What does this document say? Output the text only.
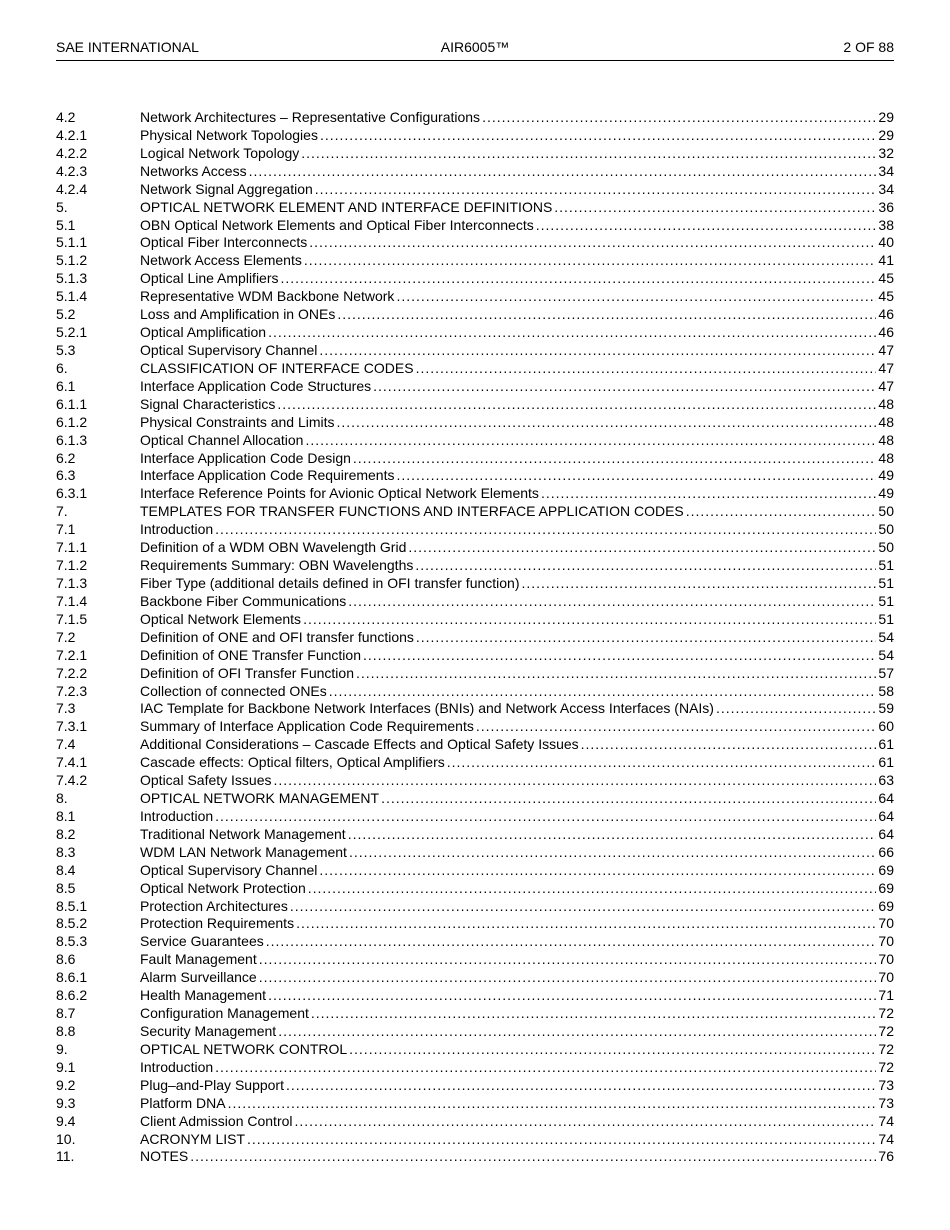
SAE INTERNATIONAL	AIR6005™	2 OF 88
4.2	Network Architectures – Representative Configurations . . .	29
4.2.1	Physical Network Topologies . . .	29
4.2.2	Logical Network Topology . . .	32
4.2.3	Networks Access . . .	34
4.2.4	Network Signal Aggregation . . .	34
5.	OPTICAL NETWORK ELEMENT AND INTERFACE DEFINITIONS . . .	36
5.1	OBN Optical Network Elements and Optical Fiber Interconnects . . .	38
5.1.1	Optical Fiber Interconnects . . .	40
5.1.2	Network Access Elements . . .	41
5.1.3	Optical Line Amplifiers . . .	45
5.1.4	Representative WDM Backbone Network . . .	45
5.2	Loss and Amplification in ONEs . . .	46
5.2.1	Optical Amplification . . .	46
5.3	Optical Supervisory Channel . . .	47
6.	CLASSIFICATION OF INTERFACE CODES . . .	47
6.1	Interface Application Code Structures . . .	47
6.1.1	Signal Characteristics . . .	48
6.1.2	Physical Constraints and Limits . . .	48
6.1.3	Optical Channel Allocation . . .	48
6.2	Interface Application Code Design . . .	48
6.3	Interface Application Code Requirements . . .	49
6.3.1	Interface Reference Points for Avionic Optical Network Elements . . .	49
7.	TEMPLATES FOR TRANSFER FUNCTIONS AND INTERFACE APPLICATION CODES . . .	50
7.1	Introduction . . .	50
7.1.1	Definition of a WDM OBN Wavelength Grid . . .	50
7.1.2	Requirements Summary: OBN Wavelengths . . .	51
7.1.3	Fiber Type (additional details defined in OFI transfer function) . . .	51
7.1.4	Backbone Fiber Communications . . .	51
7.1.5	Optical Network Elements . . .	51
7.2	Definition of ONE and OFI transfer functions . . .	54
7.2.1	Definition of ONE Transfer Function . . .	54
7.2.2	Definition of OFI Transfer Function . . .	57
7.2.3	Collection of connected ONEs . . .	58
7.3	IAC Template for Backbone Network Interfaces (BNIs) and Network Access Interfaces (NAIs) . . .	59
7.3.1	Summary of Interface Application Code Requirements . . .	60
7.4	Additional Considerations – Cascade Effects and Optical Safety Issues . . .	61
7.4.1	Cascade effects: Optical filters, Optical Amplifiers . . .	61
7.4.2	Optical Safety Issues . . .	63
8.	OPTICAL NETWORK MANAGEMENT . . .	64
8.1	Introduction . . .	64
8.2	Traditional Network Management . . .	64
8.3	WDM LAN Network Management . . .	66
8.4	Optical Supervisory Channel . . .	69
8.5	Optical Network Protection . . .	69
8.5.1	Protection Architectures . . .	69
8.5.2	Protection Requirements . . .	70
8.5.3	Service Guarantees . . .	70
8.6	Fault Management . . .	70
8.6.1	Alarm Surveillance . . .	70
8.6.2	Health Management . . .	71
8.7	Configuration Management . . .	72
8.8	Security Management . . .	72
9.	OPTICAL NETWORK CONTROL . . .	72
9.1	Introduction . . .	72
9.2	Plug–and-Play Support . . .	73
9.3	Platform DNA . . .	73
9.4	Client Admission Control . . .	74
10.	ACRONYM LIST . . .	74
11.	NOTES . . .	76
